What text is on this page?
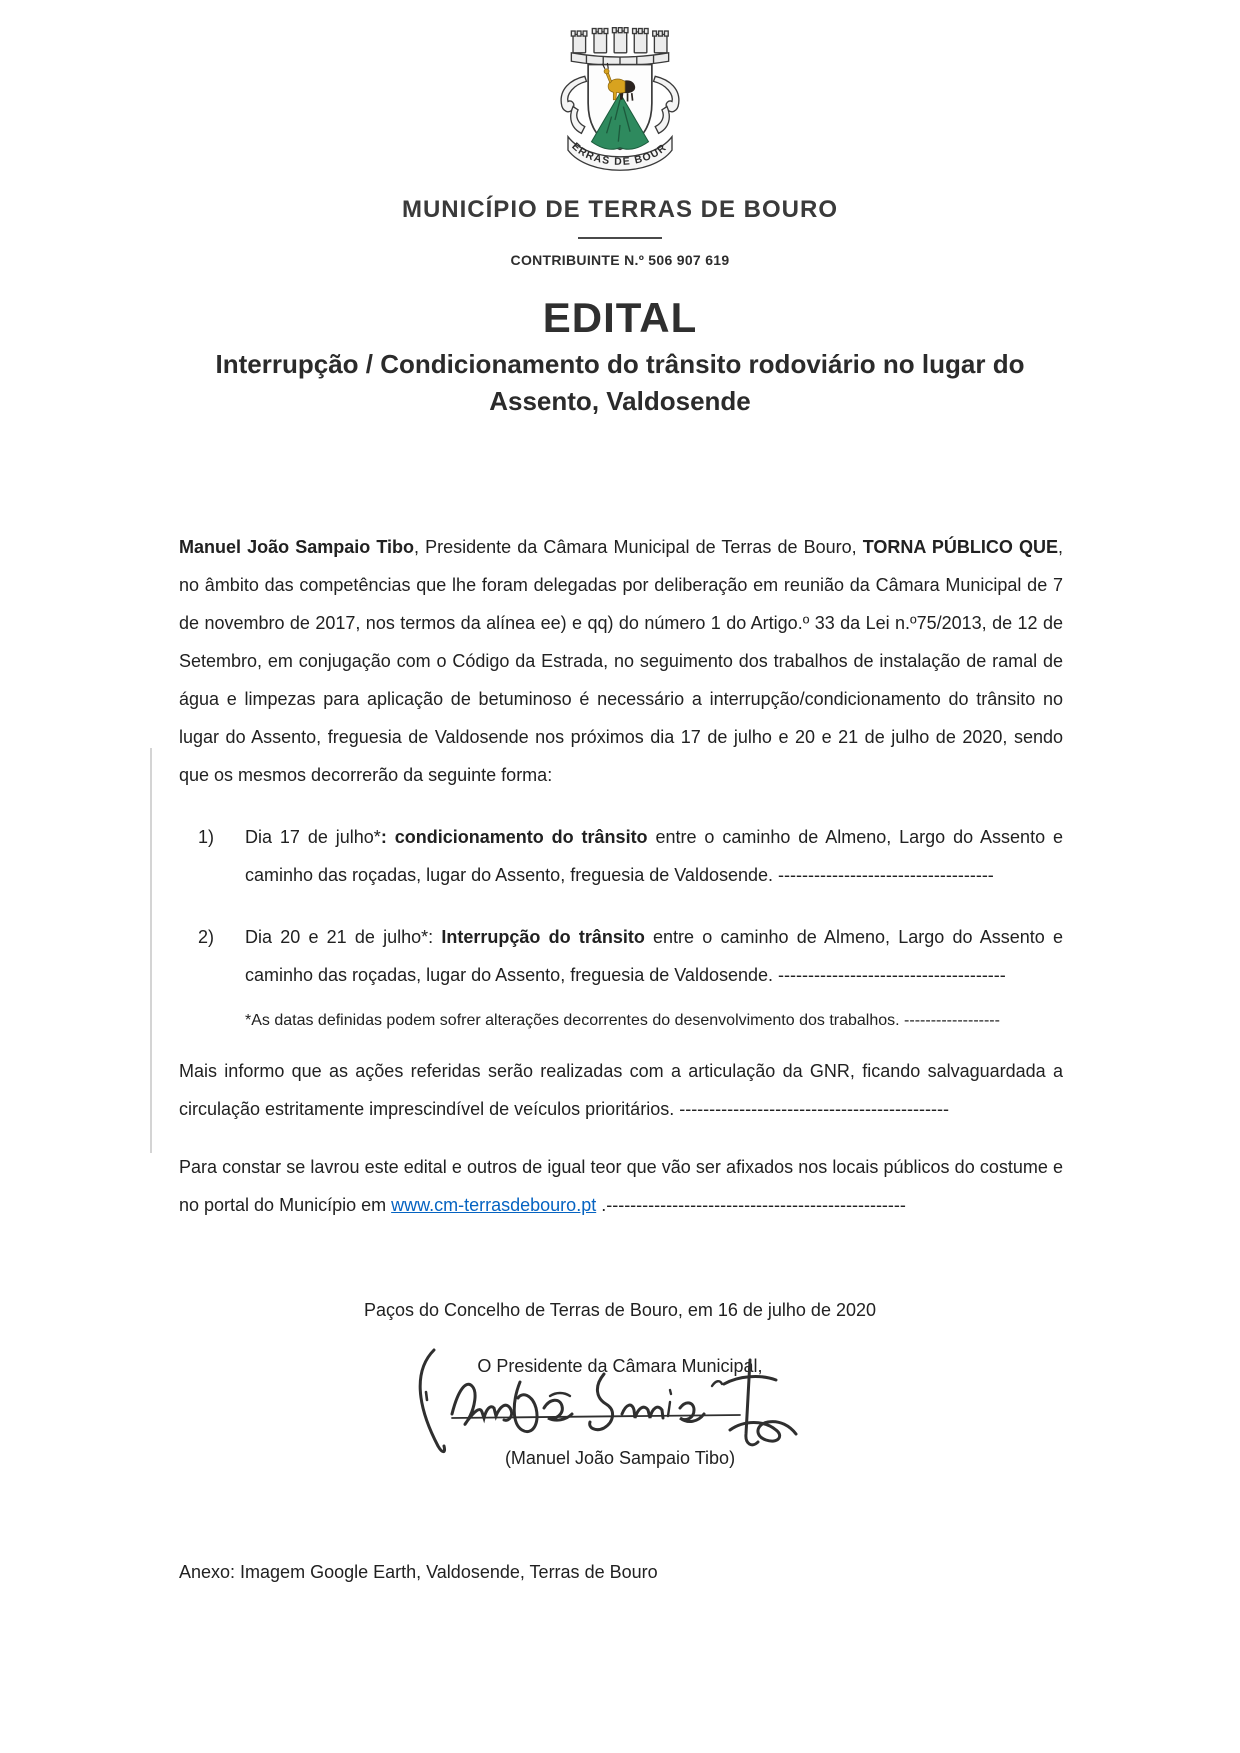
TERRAS DE BOURO
MUNICÍPIO DE TERRAS DE BOURO
CONTRIBUINTE N.º 506 907 619
EDITAL
Interrupção / Condicionamento do trânsito rodoviário no lugar do Assento, Valdosende

Manuel João Sampaio Tibo, Presidente da Câmara Municipal de Terras de Bouro, TORNA PÚBLICO QUE, no âmbito das competências que lhe foram delegadas por deliberação em reunião da Câmara Municipal de 7 de novembro de 2017, nos termos da alínea ee) e qq) do número 1 do Artigo.º 33 da Lei n.º75/2013, de 12 de Setembro, em conjugação com o Código da Estrada, no seguimento dos trabalhos de instalação de ramal de água e limpezas para aplicação de betuminoso é necessário a interrupção/condicionamento do trânsito no lugar do Assento, freguesia de Valdosende nos próximos dia 17 de julho e 20 e 21 de julho de 2020, sendo que os mesmos decorrerão da seguinte forma:

1)	Dia 17 de julho*: condicionamento do trânsito entre o caminho de Almeno, Largo do Assento e caminho das roçadas, lugar do Assento, freguesia de Valdosende. ------------------------------------
2)	Dia 20 e 21 de julho*: Interrupção do trânsito entre o caminho de Almeno, Largo do Assento e caminho das roçadas, lugar do Assento, freguesia de Valdosende. --------------------------------------

*As datas definidas podem sofrer alterações decorrentes do desenvolvimento dos trabalhos. ------------------

Mais informo que as ações referidas serão realizadas com a articulação da GNR, ficando salvaguardada a circulação estritamente imprescindível de veículos prioritários. ---------------------------------------------

Para constar se lavrou este edital e outros de igual teor que vão ser afixados nos locais públicos do costume e no portal do Município em www.cm-terrasdebouro.pt .--------------------------------------------------

Paços do Concelho de Terras de Bouro, em 16 de julho de 2020
O Presidente da Câmara Municipal,
(Manuel João Sampaio Tibo)
Anexo: Imagem Google Earth, Valdosende, Terras de Bouro
